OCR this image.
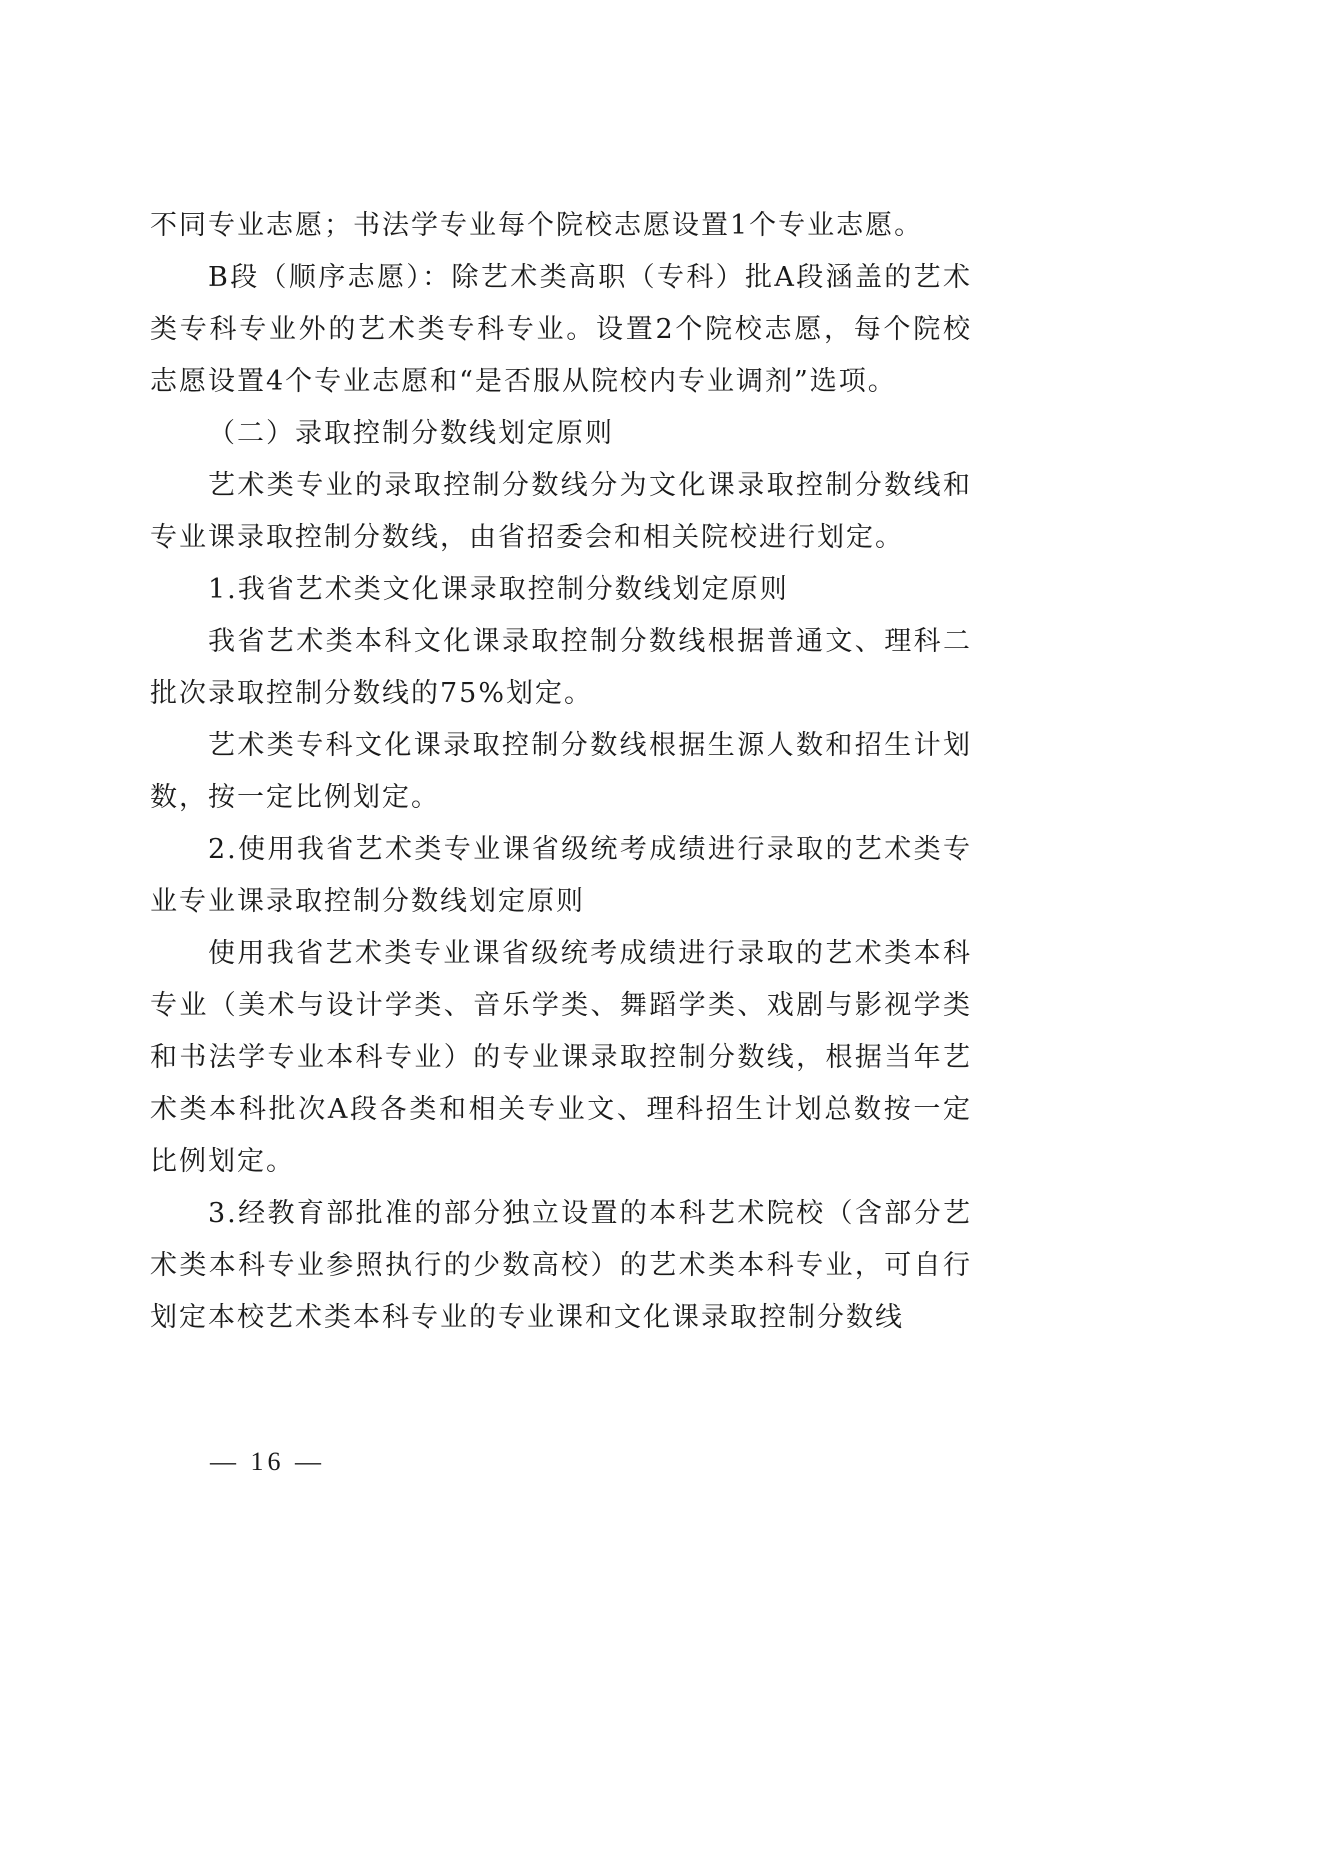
不同专业志愿；书法学专业每个院校志愿设置1个专业志愿。

B段（顺序志愿）：除艺术类高职（专科）批A段涵盖的艺术类专科专业外的艺术类专科专业。设置2个院校志愿，每个院校志愿设置4个专业志愿和“是否服从院校内专业调剂”选项。

（二）录取控制分数线划定原则

艺术类专业的录取控制分数线分为文化课录取控制分数线和专业课录取控制分数线，由省招委会和相关院校进行划定。

1.我省艺术类文化课录取控制分数线划定原则

我省艺术类本科文化课录取控制分数线根据普通文、理科二批次录取控制分数线的75%划定。

艺术类专科文化课录取控制分数线根据生源人数和招生计划数，按一定比例划定。

2.使用我省艺术类专业课省级统考成绩进行录取的艺术类专业专业课录取控制分数线划定原则

使用我省艺术类专业课省级统考成绩进行录取的艺术类本科专业（美术与设计学类、音乐学类、舞蹈学类、戏剧与影视学类和书法学专业本科专业）的专业课录取控制分数线，根据当年艺术类本科批次A段各类和相关专业文、理科招生计划总数按一定比例划定。

3.经教育部批准的部分独立设置的本科艺术院校（含部分艺术类本科专业参照执行的少数高校）的艺术类本科专业，可自行划定本校艺术类本科专业的专业课和文化课录取控制分数线

— 16 —
